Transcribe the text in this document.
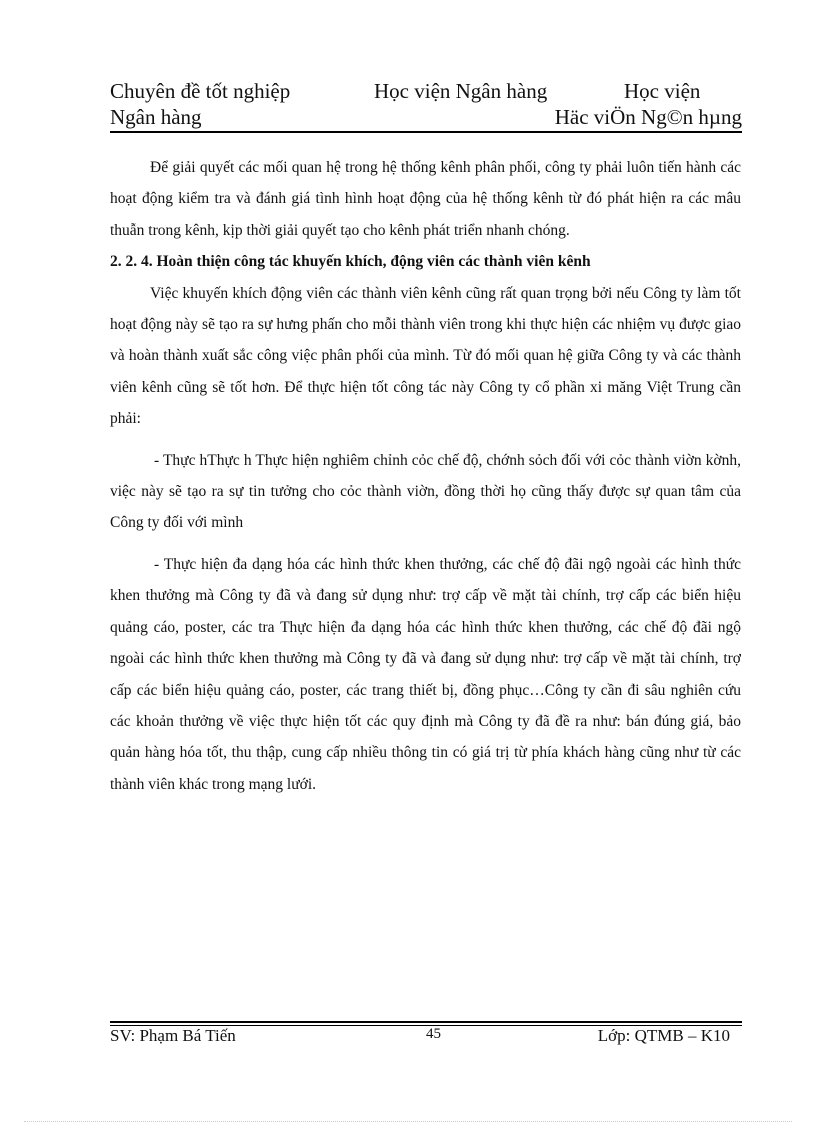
Chuyên đề tốt nghiệp	Học viện Ngân hàng	Học viện
Ngân hàng	Häc viÖn Ng©n hµng

Để giải quyết các mối quan hệ trong hệ thống kênh phân phối, công ty phải luôn tiến hành các hoạt động kiểm tra và đánh giá tình hình hoạt động của hệ thống kênh từ đó phát hiện ra các mâu thuẫn trong kênh, kịp thời giải quyết tạo cho kênh phát triển nhanh chóng.

2. 2. 4. Hoàn thiện công tác khuyến khích, động viên các thành viên kênh

Việc khuyến khích động viên các thành viên kênh cũng rất quan trọng bởi nếu Công ty làm tốt hoạt động này sẽ tạo ra sự hưng phấn cho mỗi thành viên trong khi thực hiện các nhiệm vụ được giao và hoàn thành xuất sắc công việc phân phối của mình. Từ đó mối quan hệ giữa Công ty và các thành viên kênh cũng sẽ tốt hơn. Để thực hiện tốt công tác này Công ty cổ phần xi măng Việt Trung cần phải:

- Thực hThực h Thực hiện nghiêm chỉnh cỏc chế độ, chớnh sỏch đối với cỏc thành viờn kờnh, việc này sẽ tạo ra sự tin tưởng cho cỏc thành viờn, đồng thời họ cũng thấy được sự quan tâm của Công ty đối với mình

- Thực hiện đa dạng hóa các hình thức khen thưởng, các chế độ đãi ngộ ngoài các hình thức khen thưởng mà Công ty đã và đang sử dụng như: trợ cấp về mặt tài chính, trợ cấp các biển hiệu quảng cáo, poster, các tra Thực hiện đa dạng hóa các hình thức khen thưởng, các chế độ đãi ngộ ngoài các hình thức khen thưởng mà Công ty đã và đang sử dụng như: trợ cấp về mặt tài chính, trợ cấp các biển hiệu quảng cáo, poster, các trang thiết bị, đồng phục…Công ty cần đi sâu nghiên cứu các khoản thưởng về việc thực hiện tốt các quy định mà Công ty đã đề ra như: bán đúng giá, bảo quản hàng hóa tốt, thu thập, cung cấp nhiều thông tin có giá trị từ phía khách hàng cũng như từ các thành viên khác trong mạng lưới.

SV: Phạm Bá Tiến	45	Lớp: QTMB – K10
